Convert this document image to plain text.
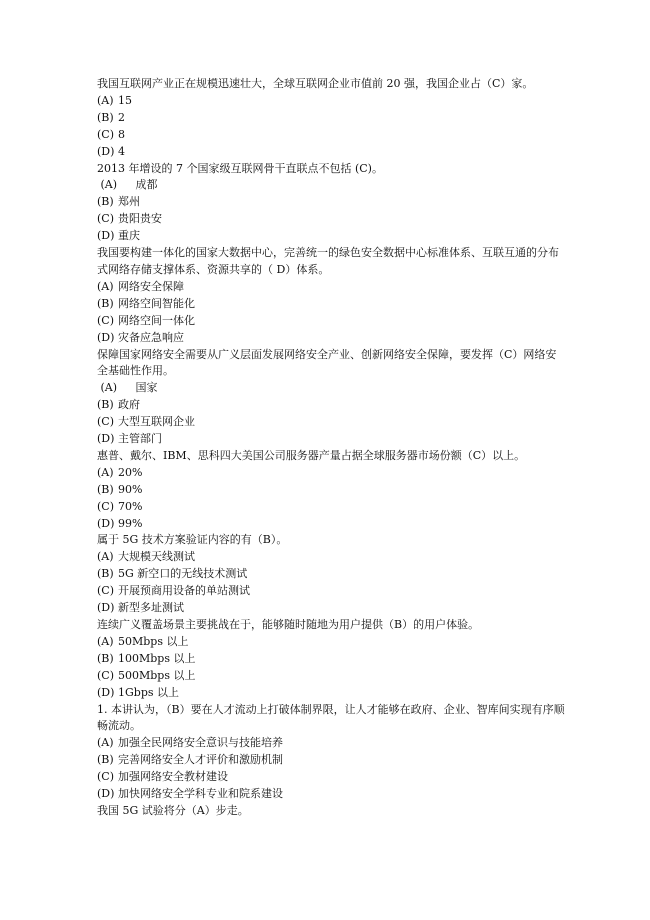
我国互联网产业正在规模迅速壮大，全球互联网企业市值前 20 强，我国企业占（C）家。

(A) 15

(B) 2

(C) 8

(D) 4

2013 年增设的 7 个国家级互联网骨干直联点不包括 (C)。

(A)     成都

(B) 郑州

(C) 贵阳贵安

(D) 重庆

我国要构建一体化的国家大数据中心，完善统一的绿色安全数据中心标准体系、互联互通的分布式网络存储支撑体系、资源共享的（ D）体系。

(A) 网络安全保障

(B) 网络空间智能化

(C) 网络空间一体化

(D) 灾备应急响应

保障国家网络安全需要从广义层面发展网络安全产业、创新网络安全保障，要发挥（C）网络安全基础性作用。

(A)     国家

(B) 政府

(C) 大型互联网企业

(D) 主管部门

惠普、戴尔、IBM、思科四大美国公司服务器产量占据全球服务器市场份额（C）以上。

(A) 20%

(B) 90%

(C) 70%

(D) 99%

属于 5G 技术方案验证内容的有（B）。

(A) 大规模天线测试

(B) 5G 新空口的无线技术测试

(C) 开展预商用设备的单站测试

(D) 新型多址测试

连续广义覆盖场景主要挑战在于，能够随时随地为用户提供（B）的用户体验。

(A) 50Mbps 以上

(B) 100Mbps 以上

(C) 500Mbps 以上

(D) 1Gbps 以上

1. 本讲认为，（B）要在人才流动上打破体制界限，让人才能够在政府、企业、智库间实现有序顺畅流动。

(A) 加强全民网络安全意识与技能培养

(B) 完善网络安全人才评价和激励机制

(C) 加强网络安全教材建设

(D) 加快网络安全学科专业和院系建设

我国 5G 试验将分（A）步走。
